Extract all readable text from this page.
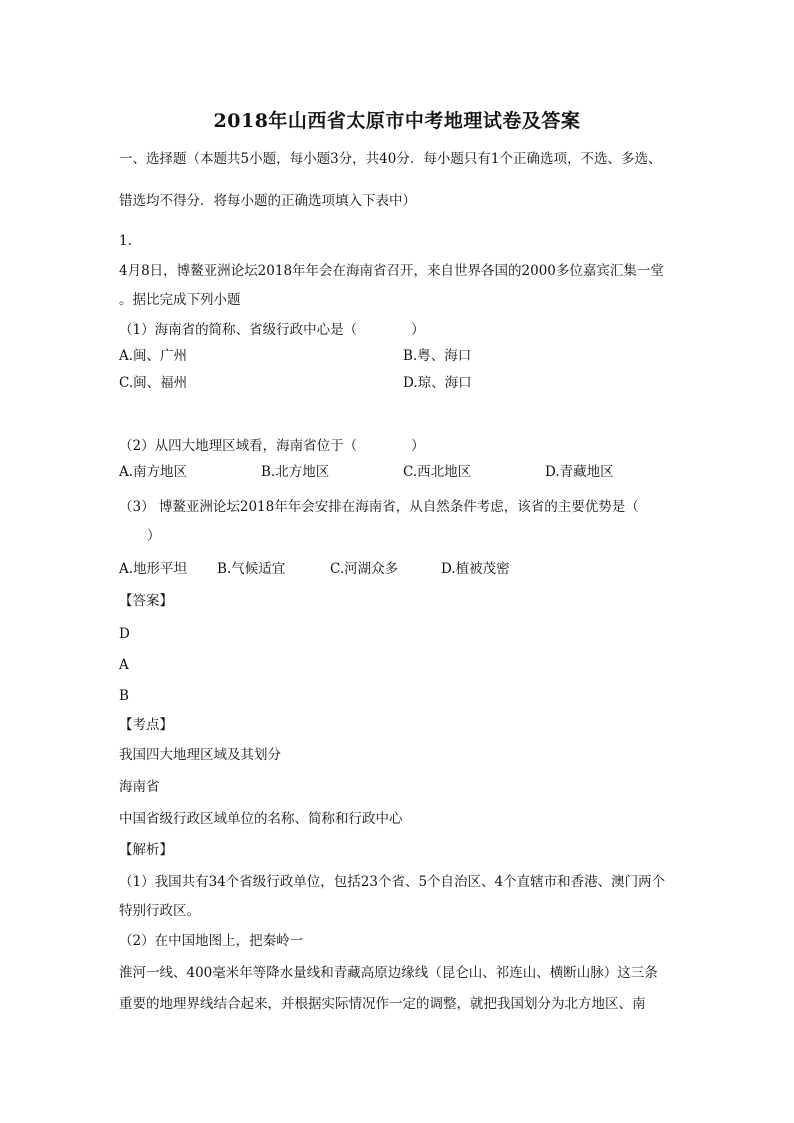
2018年山西省太原市中考地理试卷及答案
一、选择题（本题共5小题，每小题3分，共40分．每小题只有1个正确选项，不选、多选、
错选均不得分．将每小题的正确选项填入下表中）
1.
4月8日，博鳌亚洲论坛2018年年会在海南省召开，来自世界各国的2000多位嘉宾汇集一堂
。据比完成下列小题
（1）海南省的简称、省级行政中心是（　　　　）
A.闽、广州	B.粤、海口
C.闽、福州	D.琼、海口
（2）从四大地理区域看，海南省位于（　　　　）
A.南方地区	B.北方地区	C.西北地区	D.青藏地区
（3） 博鳌亚洲论坛2018年年会安排在海南省，从自然条件考虑，该省的主要优势是（
）
A.地形平坦 B.气候适宜	C.河湖众多	D.植被茂密
【答案】
D
A
B
【考点】
我国四大地理区域及其划分
海南省
中国省级行政区域单位的名称、简称和行政中心
【解析】
（1）我国共有34个省级行政单位，包括23个省、5个自治区、4个直辖市和香港、澳门两个
特别行政区。
（2）在中国地图上，把秦岭一
淮河一线、400毫米年等降水量线和青藏高原边缘线（昆仑山、祁连山、横断山脉）这三条
重要的地理界线结合起来，并根据实际情况作一定的调整，就把我国划分为北方地区、南
